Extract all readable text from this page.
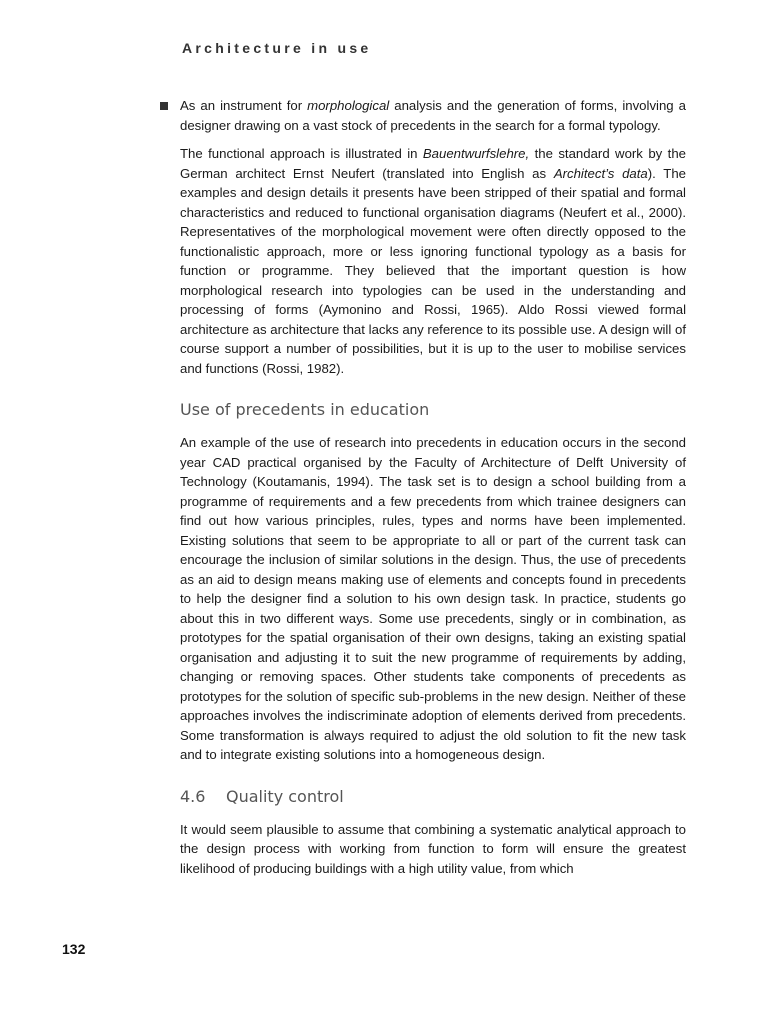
Architecture in use

As an instrument for morphological analysis and the generation of forms, involving a designer drawing on a vast stock of precedents in the search for a formal typology.

The functional approach is illustrated in Bauentwurfslehre, the standard work by the German architect Ernst Neufert (translated into English as Architect’s data). The examples and design details it presents have been stripped of their spatial and formal characteristics and reduced to functional organisation diagrams (Neufert et al., 2000). Representatives of the morphological movement were often directly opposed to the functionalistic approach, more or less ignoring functional typology as a basis for function or programme. They believed that the important question is how morphological research into typologies can be used in the understanding and processing of forms (Aymonino and Rossi, 1965). Aldo Rossi viewed formal architecture as architecture that lacks any reference to its possible use. A design will of course support a number of possibilities, but it is up to the user to mobilise services and functions (Rossi, 1982).

Use of precedents in education

An example of the use of research into precedents in education occurs in the second year CAD practical organised by the Faculty of Architecture of Delft University of Technology (Koutamanis, 1994). The task set is to design a school building from a programme of requirements and a few precedents from which trainee designers can find out how various principles, rules, types and norms have been implemented. Existing solutions that seem to be appropriate to all or part of the current task can encourage the inclusion of similar solutions in the design. Thus, the use of precedents as an aid to design means making use of elements and concepts found in precedents to help the designer find a solution to his own design task. In practice, students go about this in two different ways. Some use precedents, singly or in combination, as prototypes for the spatial organisation of their own designs, taking an existing spatial organisation and adjusting it to suit the new programme of requirements by adding, changing or removing spaces. Other students take components of precedents as prototypes for the solution of specific sub-problems in the new design. Neither of these approaches involves the indiscriminate adoption of elements derived from precedents. Some transformation is always required to adjust the old solution to fit the new task and to integrate existing solutions into a homogeneous design.

4.6 Quality control

It would seem plausible to assume that combining a systematic analytical approach to the design process with working from function to form will ensure the greatest likelihood of producing buildings with a high utility value, from which

132
